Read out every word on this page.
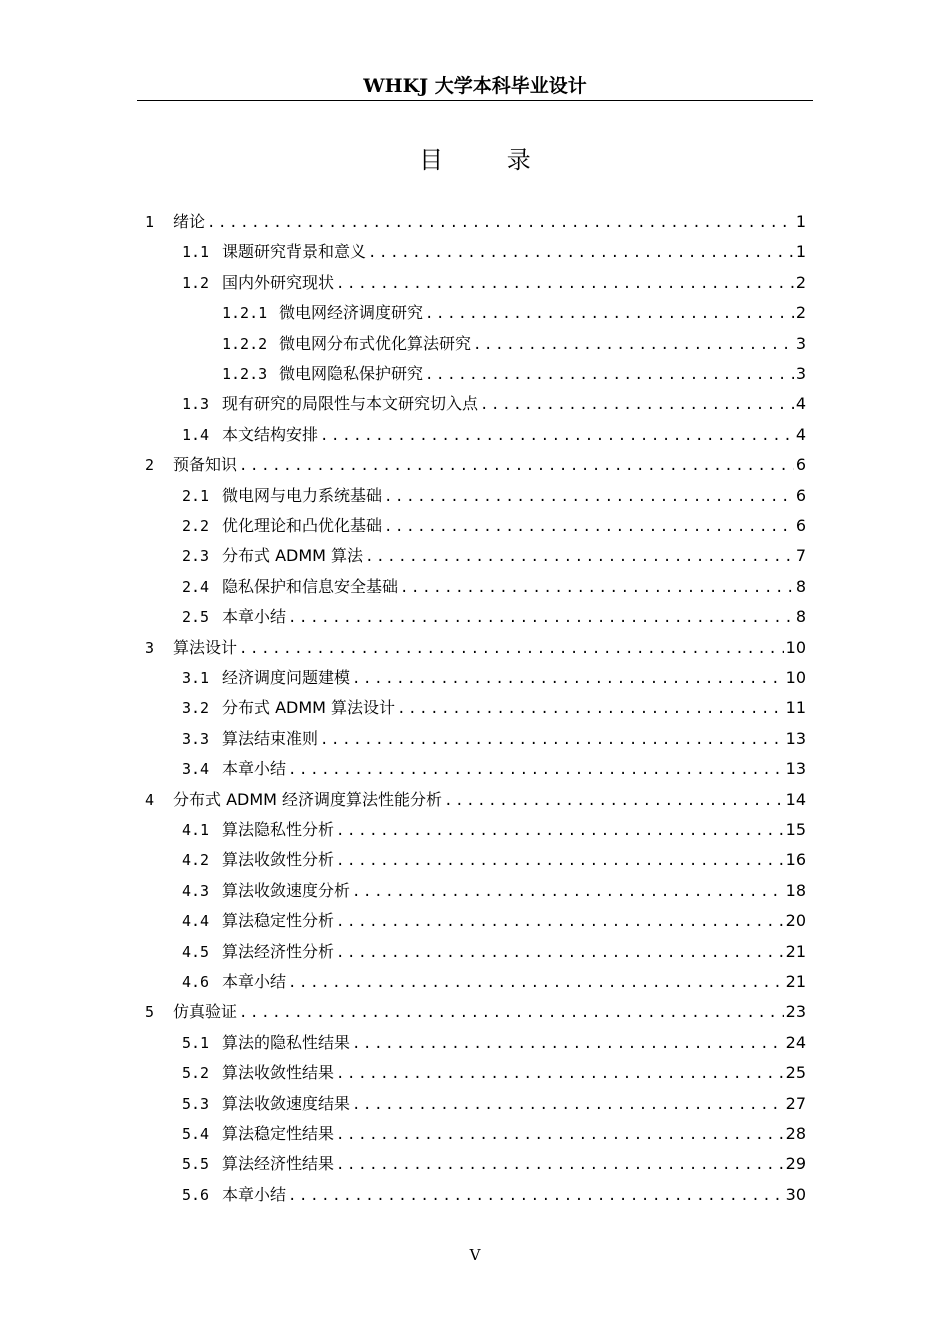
WHKJ 大学本科毕业设计
目 录
1	绪论 .....	1
1.1 课题研究背景和意义 .....	1
1.2 国内外研究现状 .....	2
1.2.1 微电网经济调度研究 .....	2
1.2.2 微电网分布式优化算法研究 .....	3
1.2.3 微电网隐私保护研究 .....	3
1.3 现有研究的局限性与本文研究切入点 .....	4
1.4 本文结构安排 .....	4
2	预备知识 .....	6
2.1 微电网与电力系统基础 .....	6
2.2 优化理论和凸优化基础 .....	6
2.3 分布式 ADMM 算法 .....	7
2.4 隐私保护和信息安全基础 .....	8
2.5 本章小结 .....	8
3	算法设计 .....	10
3.1 经济调度问题建模 .....	10
3.2 分布式 ADMM 算法设计 .....	11
3.3 算法结束准则 .....	13
3.4 本章小结 .....	13
4	分布式 ADMM 经济调度算法性能分析 .....	14
4.1 算法隐私性分析 .....	15
4.2 算法收敛性分析 .....	16
4.3 算法收敛速度分析 .....	18
4.4 算法稳定性分析 .....	20
4.5 算法经济性分析 .....	21
4.6 本章小结 .....	21
5	仿真验证 .....	23
5.1 算法的隐私性结果 .....	24
5.2 算法收敛性结果 .....	25
5.3 算法收敛速度结果 .....	27
5.4 算法稳定性结果 .....	28
5.5 算法经济性结果 .....	29
5.6 本章小结 .....	30
V
